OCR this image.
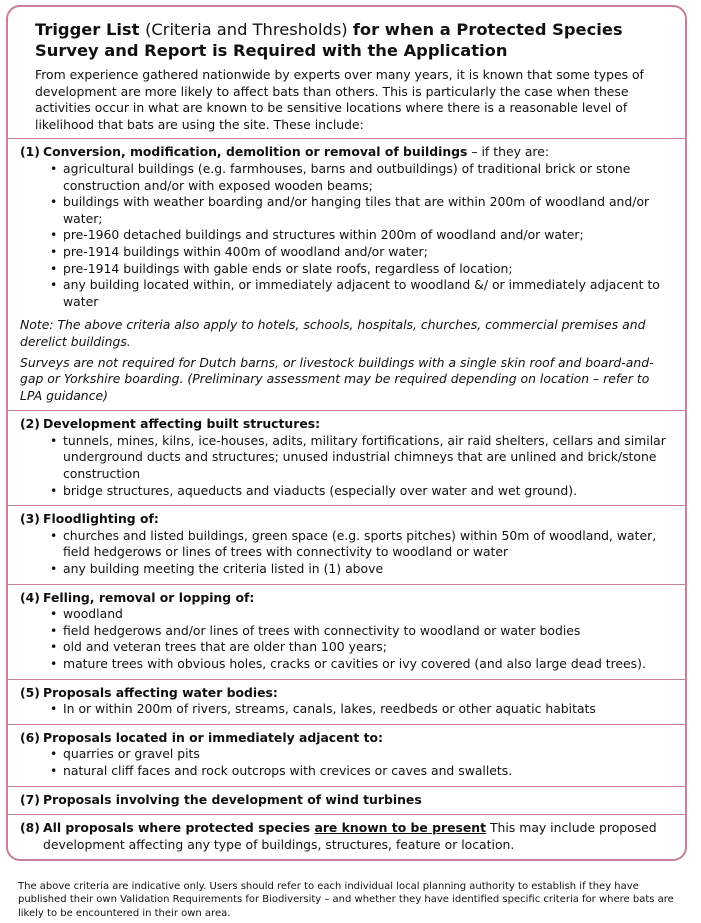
Trigger List (Criteria and Thresholds) for when a Protected Species Survey and Report is Required with the Application
From experience gathered nationwide by experts over many years, it is known that some types of development are more likely to affect bats than others. This is particularly the case when these activities occur in what are known to be sensitive locations where there is a reasonable level of likelihood that bats are using the site. These include:
(1) Conversion, modification, demolition or removal of buildings – if they are:
• agricultural buildings (e.g. farmhouses, barns and outbuildings) of traditional brick or stone construction and/or with exposed wooden beams;
• buildings with weather boarding and/or hanging tiles that are within 200m of woodland and/or water;
• pre-1960 detached buildings and structures within 200m of woodland and/or water;
• pre-1914 buildings within 400m of woodland and/or water;
• pre-1914 buildings with gable ends or slate roofs, regardless of location;
• any building located within, or immediately adjacent to woodland &/ or immediately adjacent to water
Note: The above criteria also apply to hotels, schools, hospitals, churches, commercial premises and derelict buildings.
Surveys are not required for Dutch barns, or livestock buildings with a single skin roof and board-and-gap or Yorkshire boarding. (Preliminary assessment may be required depending on location – refer to LPA guidance)
(2) Development affecting built structures:
• tunnels, mines, kilns, ice-houses, adits, military fortifications, air raid shelters, cellars and similar underground ducts and structures; unused industrial chimneys that are unlined and brick/stone construction
• bridge structures, aqueducts and viaducts (especially over water and wet ground).
(3) Floodlighting of:
• churches and listed buildings, green space (e.g. sports pitches) within 50m of woodland, water, field hedgerows or lines of trees with connectivity to woodland or water
• any building meeting the criteria listed in (1) above
(4) Felling, removal or lopping of:
• woodland
• field hedgerows and/or lines of trees with connectivity to woodland or water bodies
• old and veteran trees that are older than 100 years;
• mature trees with obvious holes, cracks or cavities or ivy covered (and also large dead trees).
(5) Proposals affecting water bodies:
• In or within 200m of rivers, streams, canals, lakes, reedbeds or other aquatic habitats
(6) Proposals located in or immediately adjacent to:
• quarries or gravel pits
• natural cliff faces and rock outcrops with crevices or caves and swallets.
(7) Proposals involving the development of wind turbines
(8) All proposals where protected species are known to be present This may include proposed development affecting any type of buildings, structures, feature or location.
The above criteria are indicative only. Users should refer to each individual local planning authority to establish if they have published their own Validation Requirements for Biodiversity – and whether they have identified specific criteria for where bats are likely to be encountered in their own area.
